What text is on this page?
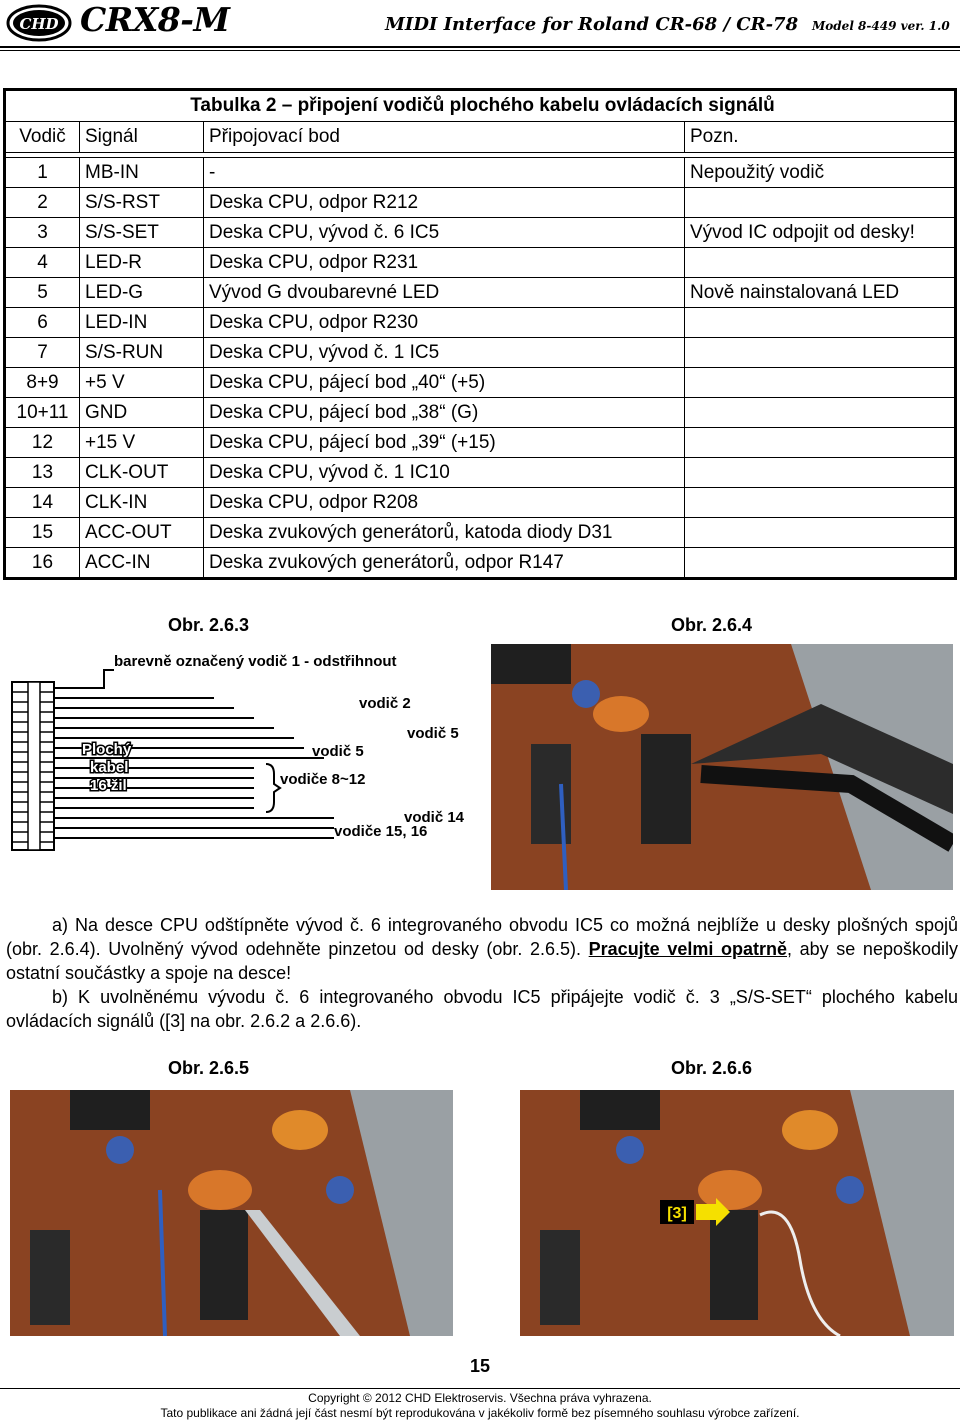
CHD CRX8-M	MIDI Interface for Roland CR-68 / CR-78 Model 8-449 ver. 1.0
Tabulka 2 – připojení vodičů plochého kabelu ovládacích signálů			
Vodič	Signál	Připojovací bod	Pozn.

1	MB-IN	-	Nepoužitý vodič
2	S/S-RST	Deska CPU, odpor R212	
3	S/S-SET	Deska CPU, vývod č. 6 IC5	Vývod IC odpojit od desky!
4	LED-R	Deska CPU, odpor R231	
5	LED-G	Vývod G dvoubarevné LED	Nově nainstalovaná LED
6	LED-IN	Deska CPU, odpor R230	
7	S/S-RUN	Deska CPU, vývod č. 1 IC5	
8+9	+5 V	Deska CPU, pájecí bod „40“ (+5)	
10+11	GND	Deska CPU, pájecí bod „38“ (G)	
12	+15 V	Deska CPU, pájecí bod „39“ (+15)	
13	CLK-OUT	Deska CPU, vývod č. 1 IC10	
14	CLK-IN	Deska CPU, odpor R208	
15	ACC-OUT	Deska zvukových generátorů, katoda diody D31	
16	ACC-IN	Deska zvukových generátorů, odpor R147	
Obr. 2.6.3	Obr. 2.6.4
barevně označený vodič 1 - odstřihnout
vodič 2
vodič 5
vodič 5
vodiče 8~12
vodič 14
vodiče 15, 16
Plochý
kabel
16 žil
a) Na desce CPU odštípněte vývod č. 6 integrovaného obvodu IC5 co možná nejblíže u desky plošných spojů (obr. 2.6.4). Uvolněný vývod odehněte pinzetou od desky (obr. 2.6.5). Pracujte velmi opatrně, aby se nepoškodily ostatní součástky a spoje na desce!
b) K uvolněnému vývodu č. 6 integrovaného obvodu IC5 připájejte vodič č. 3 „S/S-SET“ plochého kabelu ovládacích signálů ([3] na obr. 2.6.2 a 2.6.6).
Obr. 2.6.5	Obr. 2.6.6
[3]
15
Copyright © 2012 CHD Elektroservis. Všechna práva vyhrazena.
Tato publikace ani žádná její část nesmí být reprodukována v jakékoliv formě bez písemného souhlasu výrobce zařízení.
